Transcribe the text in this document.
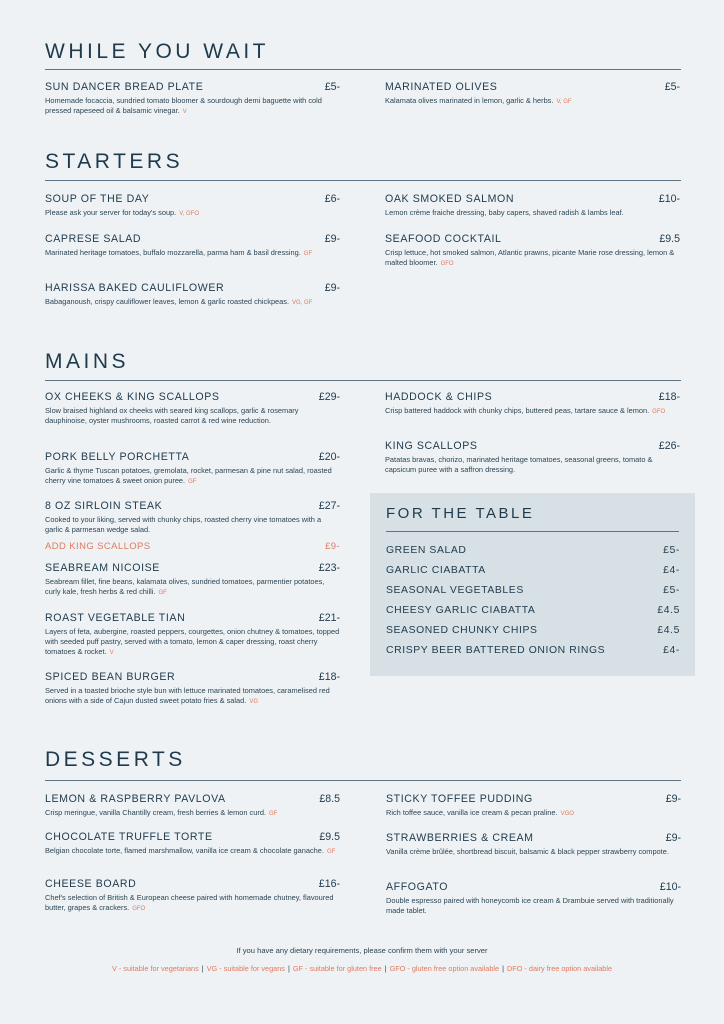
WHILE YOU WAIT
SUN DANCER BREAD PLATE	£5-
Homemade focaccia, sundried tomato bloomer & sourdough demi baguette with cold pressed rapeseed oil & balsamic vinegar. V
MARINATED OLIVES	£5-
Kalamata olives marinated in lemon, garlic & herbs. V, GF
STARTERS
SOUP OF THE DAY	£6-
Please ask your server for today's soup. V, GFO
CAPRESE SALAD	£9-
Marinated heritage tomatoes, buffalo mozzarella, parma ham & basil dressing. GF
HARISSA BAKED CAULIFLOWER	£9-
Babaganoush, crispy cauliflower leaves, lemon & garlic roasted chickpeas. VG, GF
OAK SMOKED SALMON	£10-
Lemon crème fraiche dressing, baby capers, shaved radish & lambs leaf.
SEAFOOD COCKTAIL	£9.5
Crisp lettuce, hot smoked salmon, Atlantic prawns, picante Marie rose dressing, lemon & malted bloomer. GFO
MAINS
OX CHEEKS & KING SCALLOPS	£29-
Slow braised highland ox cheeks with seared king scallops, garlic & rosemary dauphinoise, oyster mushrooms, roasted carrot & red wine reduction.
PORK BELLY PORCHETTA	£20-
Garlic & thyme Tuscan potatoes, gremolata, rocket, parmesan & pine nut salad, roasted cherry vine tomatoes & sweet onion puree. GF
8 OZ SIRLOIN STEAK	£27-
Cooked to your liking, served with chunky chips, roasted cherry vine tomatoes with a garlic & parmesan wedge salad.
ADD KING SCALLOPS	£9-
SEABREAM NICOISE	£23-
Seabream fillet, fine beans, kalamata olives, sundried tomatoes, parmentier potatoes, curly kale, fresh herbs & red chilli. GF
ROAST VEGETABLE TIAN	£21-
Layers of feta, aubergine, roasted peppers, courgettes, onion chutney & tomatoes, topped with seeded puff pastry, served with a tomato, lemon & caper dressing, roast cherry tomatoes & rocket. V
SPICED BEAN BURGER	£18-
Served in a toasted brioche style bun with lettuce marinated tomatoes, caramelised red onions with a side of Cajun dusted sweet potato fries & salad. VG
HADDOCK & CHIPS	£18-
Crisp battered haddock with chunky chips, buttered peas, tartare sauce & lemon. GFO
KING SCALLOPS	£26-
Patatas bravas, chorizo, marinated heritage tomatoes, seasonal greens, tomato & capsicum puree with a saffron dressing.
FOR THE TABLE
GREEN SALAD	£5-
GARLIC CIABATTA	£4-
SEASONAL VEGETABLES	£5-
CHEESY GARLIC CIABATTA	£4.5
SEASONED CHUNKY CHIPS	£4.5
CRISPY BEER BATTERED ONION RINGS	£4-
DESSERTS
LEMON & RASPBERRY PAVLOVA	£8.5
Crisp meringue, vanilla Chantilly cream, fresh berries & lemon curd. GF
CHOCOLATE TRUFFLE TORTE	£9.5
Belgian chocolate torte, flamed marshmallow, vanilla ice cream & chocolate ganache. GF
CHEESE BOARD	£16-
Chef's selection of British & European cheese paired with homemade chutney, flavoured butter, grapes & crackers. GFO
STICKY TOFFEE PUDDING	£9-
Rich toffee sauce, vanilla ice cream & pecan praline. VGO
STRAWBERRIES & CREAM	£9-
Vanilla crème brûlée, shortbread biscuit, balsamic & black pepper strawberry compote.
AFFOGATO	£10-
Double espresso paired with honeycomb ice cream & Drambuie served with traditionally made tablet.
If you have any dietary requirements, please confirm them with your server
V - suitable for vegetarians | VG - suitable for vegans | GF - suitable for gluten free | GFO - gluten free option available | DFO - dairy free option available
